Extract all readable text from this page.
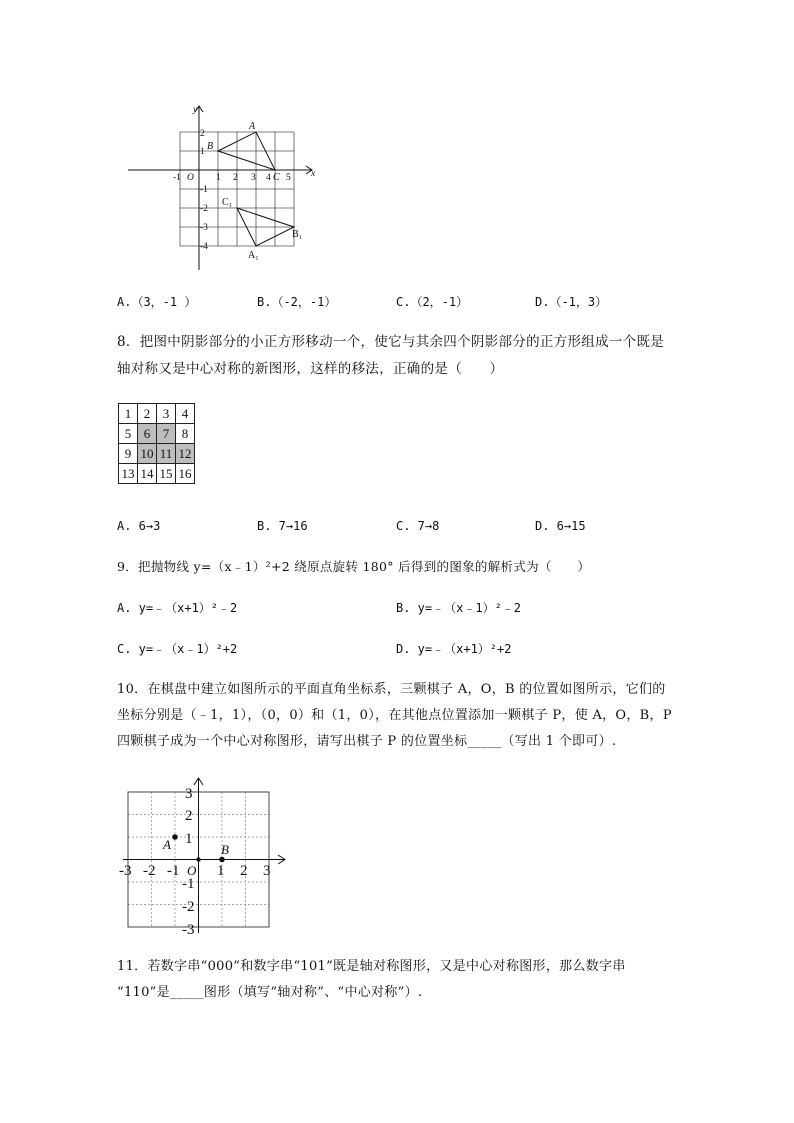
x
y
O
-1	1 2 3 4 5
2
1
-1
-2
-3
-4
A
B
C
C₁
B₁
A₁
A.（3，-1 ）	B.（-2，-1）	C.（2，-1）	D.（-1，3）
8．把图中阴影部分的小正方形移动一个，使它与其余四个阴影部分的正方形组成一个既是
轴对称又是中心对称的新图形，这样的移法，正确的是（　　）
1	2	3	4
5	6	7	8
9	10	11	12
13	14	15	16
A. 6→3	B. 7→16	C. 7→8	D. 6→15
9．把抛物线 y=（x﹣1）²+2 绕原点旋转 180° 后得到的图象的解析式为（　　）
A. y=﹣（x+1）²﹣2	B. y=﹣（x﹣1）²﹣2
C. y=﹣（x﹣1）²+2	D. y=﹣（x+1）²+2
10．在棋盘中建立如图所示的平面直角坐标系，三颗棋子 A，O，B 的位置如图所示，它们的
坐标分别是（﹣1，1），（0，0）和（1，0），在其他点位置添加一颗棋子 P，使 A，O，B，P
四颗棋子成为一个中心对称图形，请写出棋子 P 的位置坐标_____（写出 1 个即可）.
-3 -2 -1	1 2 3
3
2
1
-1
-2
-3
O
A	B
11．若数字串“000”和数字串“101”既是轴对称图形，又是中心对称图形，那么数字串
“110”是_____图形（填写“轴对称”、“中心对称”）.
